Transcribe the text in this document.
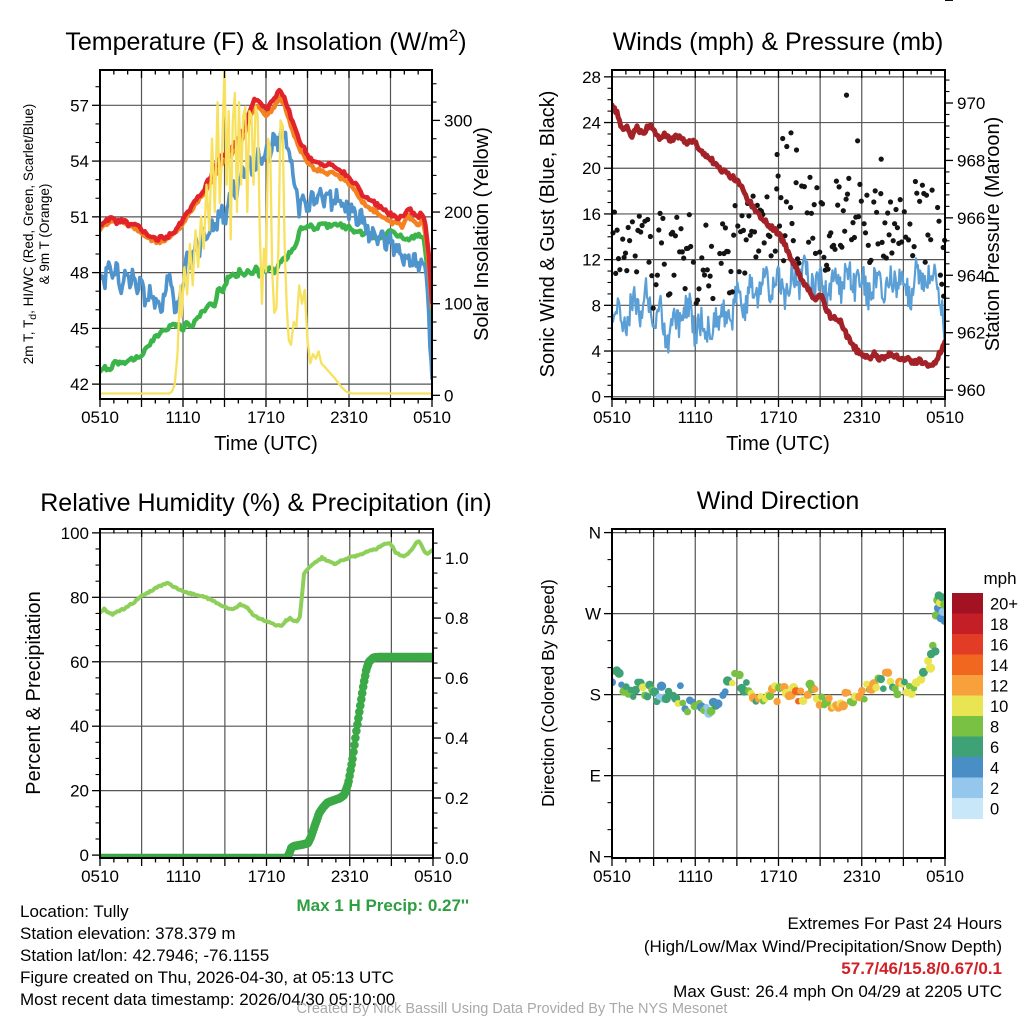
0510	1110	1710	2310	0510
42
45
48
51
54
57
0
100
200
300
Temperature (F) & Insolation $(W/m^2)$
Time (UTC)
2m T, $T_d$, HI/WC (Red, Green, Scarlet/Blue) & 9m T (Orange)	Solar Insolation (Yellow)
0510	1110	1710	2310	0510
0
4
8
12
16
20
24
28
960
962
964
966
968
970
Winds (mph) & Pressure (mb)
Time (UTC)
Sonic Wind & Gust (Blue, Black)	Station Pressure (Maroon)
0510	1110	1710	2310	0510
0
20
40
60
80
100
0.0
0.2
0.4
0.6
0.8
1.0
Relative Humidity (%) & Precipitation (in)
Percent & Precipitation
0510	1110	1710	2310	0510
N
W
S
E
N
Wind Direction
Direction (Colored By Speed)	20+
18
16
14
12
10
8
6
4
2
0
mph
Location: Tully
Station elevation: 378.379 m
Station lat/lon: 42.7946; -76.1155
Figure created on Thu, 2026-04-30, at 05:13 UTC
Most recent data timestamp: 2026/04/30 05:10:00
Max 1 H Precip: 0.27''
Extremes For Past 24 Hours
(High/Low/Max Wind/Precipitation/Snow Depth)
57.7/46/15.8/0.67/0.1
Max Gust: 26.4 mph On 04/29 at 2205 UTC
Created By Nick Bassill Using Data Provided By The NYS Mesonet
